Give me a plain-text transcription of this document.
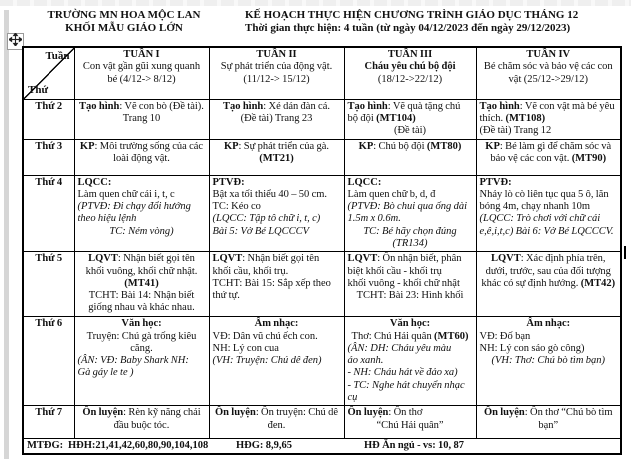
TRƯỜNG MN HOA MỘC LAN
KHỐI MẪU GIÁO LỚN
KẾ HOẠCH THỰC HIỆN CHƯƠNG TRÌNH GIÁO DỤC THÁNG 12
Thời gian thực hiện: 4 tuần (từ ngày 04/12/2023 đến ngày 29/12/2023)
Tuần
Thứ

TUẦN I
Con vật gần gũi xung quanh
bé (4/12-> 8/12)

TUẦN II
Sự phát triển của động vật.
(11/12-> 15/12)

TUẦN III
Cháu yêu chú bộ đội
(18/12->22/12)

TUẦN IV
Bé chăm sóc và bảo vệ các con
vật (25/12->29/12)

Thứ 2	Tạo hình: Vẽ con bò (Đề tài).
Trang 10

Tạo hình: Xé dán đàn cá.
(Đề tài) Trang 23

Tạo hình: Vẽ quà tặng chú
bộ đội (MT104)
(Đề tài)

Tạo hình: Vẽ con vật mà bé yêu
thích. (MT108)
(Đề tài) Trang 12

Thứ 3	KP: Môi trường sống của các
loài động vật.

KP: Sự phát triển của gà.
(MT21)

KP: Chú bộ đội (MT80)	KP: Bé làm gì để chăm sóc và
bảo vệ các con vật. (MT90)

Thứ 4	LQCC:
Làm quen chữ cái i, t, c
(PTVĐ: Đi chạy đổi hướng
theo hiệu lệnh
TC: Ném vòng)

PTVĐ:
Bật xa tối thiểu 40 – 50 cm.
TC: Kéo co
(LQCC: Tập tô chữ i, t, c)
Bài 5: Vở Bé LQCCCV

LQCC:
Làm quen chữ b, d, đ
(PTVĐ: Bò chui qua ống dài
1.5m x 0.6m.
TC: Bé hãy chọn đúng
(TR134)

PTVĐ:
Nhảy lò cò liên tục qua 5 ô, lăn
bóng 4m, chạy nhanh 10m
(LQCC: Trò chơi với chữ cái
e,ê,i,t,c) Bài 6: Vở Bé LQCCCV.

Thứ 5	LQVT: Nhận biết gọi tên
khối vuông, khối chữ nhật.
(MT41)
TCHT: Bài 14: Nhận biết
giống nhau và khác nhau.

LQVT: Nhận biết gọi tên
khối cầu, khối trụ.
TCHT: Bài 15: Sắp xếp theo
thứ tự.

LQVT: Ôn nhận biết, phân
biệt khối cầu - khối trụ
khối vuông - khối chữ nhật
TCHT: Bài 23: Hình khối

LQVT: Xác định phía trên,
dưới, trước, sau của đối tượng
khác có sự định hướng. (MT42)

Thứ 6	Văn học:
Truyện: Chú gà trống kiêu
căng.
(ÂN: VĐ: Baby Shark NH:
Gà gáy le te )

Âm nhạc:
VĐ: Dân vũ chú ếch con.
NH: Lý con cua
(VH: Truyện: Chú dê đen)

Văn học:
Thơ: Chú Hải quân (MT60)
(ÂN: DH: Cháu yêu màu
áo xanh.
- NH: Cháu hát về đảo xa)
- TC: Nghe hát chuyển nhạc
cụ

Âm nhạc:
VĐ: Đố bạn
NH: Lý con sáo gò công)
(VH: Thơ: Chú bò tìm bạn)

Thứ 7	Ôn luyện: Rèn kỹ năng chải
đầu buộc tóc.

Ôn luyện: Ôn truyện: Chú dê
đen.

Ôn luyện: Ôn thơ
“Chú Hải quân”

Ôn luyện: Ôn thơ “Chú bò tìm
bạn”

MTĐG: HĐH:21,41,42,60,80,90,104,108 HĐG: 8,9,65 HĐ Ăn ngủ - vs: 10, 87				
